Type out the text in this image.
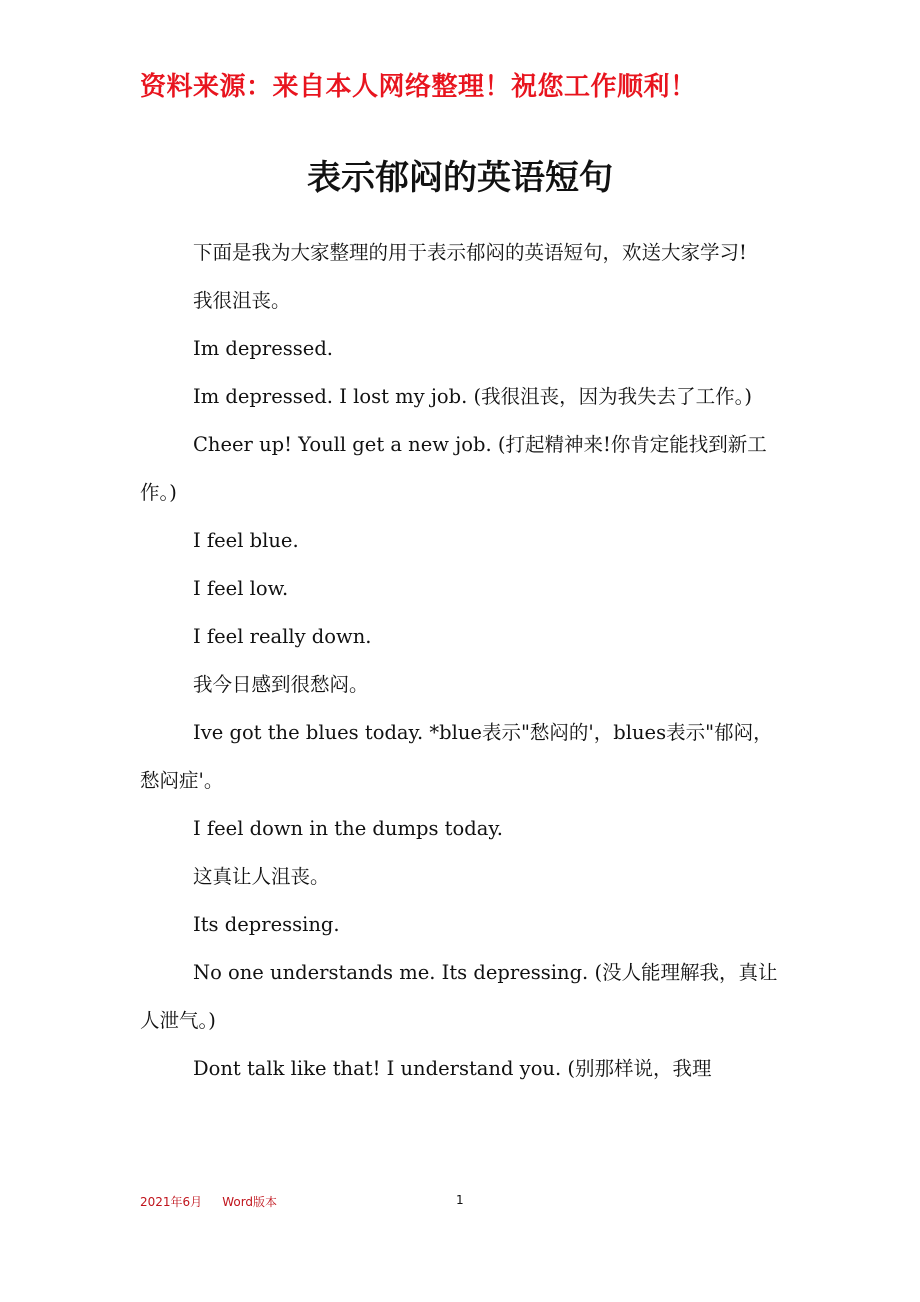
资料来源：来自本人网络整理！祝您工作顺利！
表示郁闷的英语短句

下面是我为大家整理的用于表示郁闷的英语短句，欢送大家学习!

我很沮丧。

Im depressed.

Im depressed. I lost my job. (我很沮丧，因为我失去了工作。)

Cheer up! Youll get a new job. (打起精神来!你肯定能找到新工作。)

I feel blue.

I feel low.

I feel really down.

我今日感到很愁闷。

Ive got the blues today. *blue表示"愁闷的'，blues表示"郁闷，愁闷症'。

I feel down in the dumps today.

这真让人沮丧。

Its depressing.

No one understands me. Its depressing. (没人能理解我，真让人泄气。)

Dont talk like that! I understand you. (别那样说，我理

2021年6月 Word版本	1
